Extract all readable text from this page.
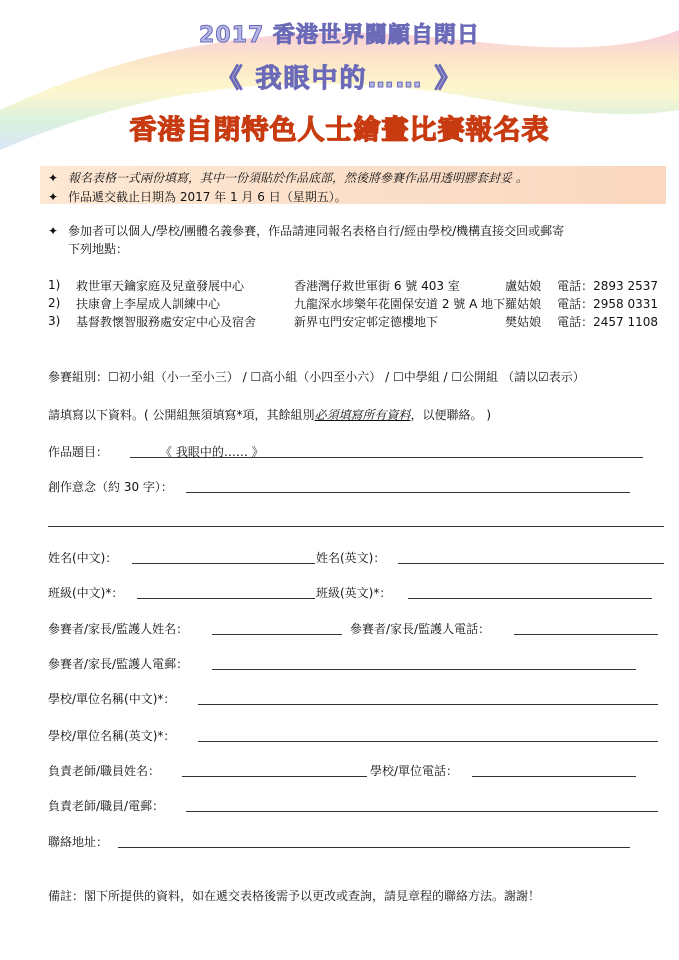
2017 香港世界關顧自閉日
《 我眼中的…… 》
香港自閉特色人士繪畫比賽報名表
✦ 報名表格一式兩份填寫，其中一份須貼於作品底部，然後將參賽作品用透明膠套封妥 。
✦ 作品遞交截止日期為 2017 年 1 月 6 日（星期五）。
✦ 參加者可以個人/學校/團體名義參賽，作品請連同報名表格自行/經由學校/機構直接交回或郵寄
下列地點：
1)	救世軍天鑰家庭及兒童發展中心	香港灣仔救世軍街 6 號 403 室	盧姑娘	電話：2893 2537
2)	扶康會上李屋成人訓練中心	九龍深水埗樂年花園保安道 2 號 A 地下	羅姑娘	電話：2958 0331
3)	基督教懷智服務處安定中心及宿舍	新界屯門安定邨定德樓地下	樊姑娘	電話：2457 1108
參賽組別：☐初小組（小一至小三） / ☐高小組（小四至小六） / ☐中學組 / ☐公開組 （請以☑表示）
請填寫以下資料。( 公開組無須填寫*項，其餘組別必須填寫所有資料，以便聯絡。 )
作品題目：	《 我眼中的…… 》
創作意念（約 30 字）：
姓名(中文)：	姓名(英文)：
班級(中文)*：	班級(英文)*：
參賽者/家長/監護人姓名：	參賽者/家長/監護人電話：
參賽者/家長/監護人電郵：
學校/單位名稱(中文)*：
學校/單位名稱(英文)*：
負責老師/職員姓名：	學校/單位電話：
負責老師/職員/電郵：
聯絡地址：
備註：閣下所提供的資料，如在遞交表格後需予以更改或查詢，請見章程的聯絡方法。謝謝！
